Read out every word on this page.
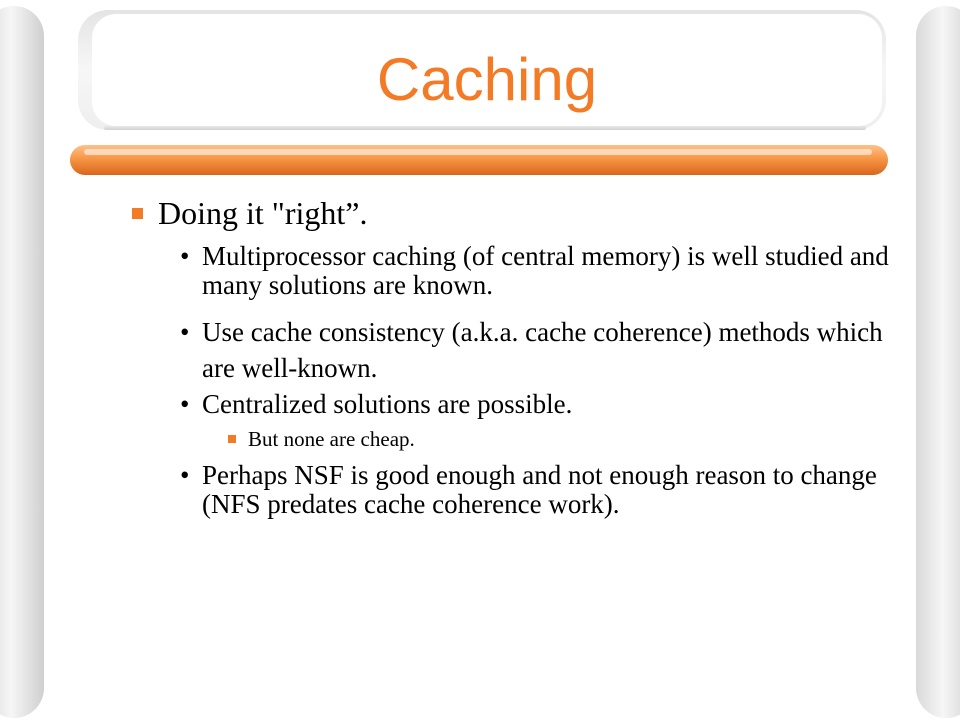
Caching
Doing it "right”.
• Multiprocessor caching (of central memory) is well studied and many solutions are known.
• Use cache consistency (a.k.a. cache coherence) methods which are well-known.
• Centralized solutions are possible.
But none are cheap.
• Perhaps NSF is good enough and not enough reason to change (NFS predates cache coherence work).
